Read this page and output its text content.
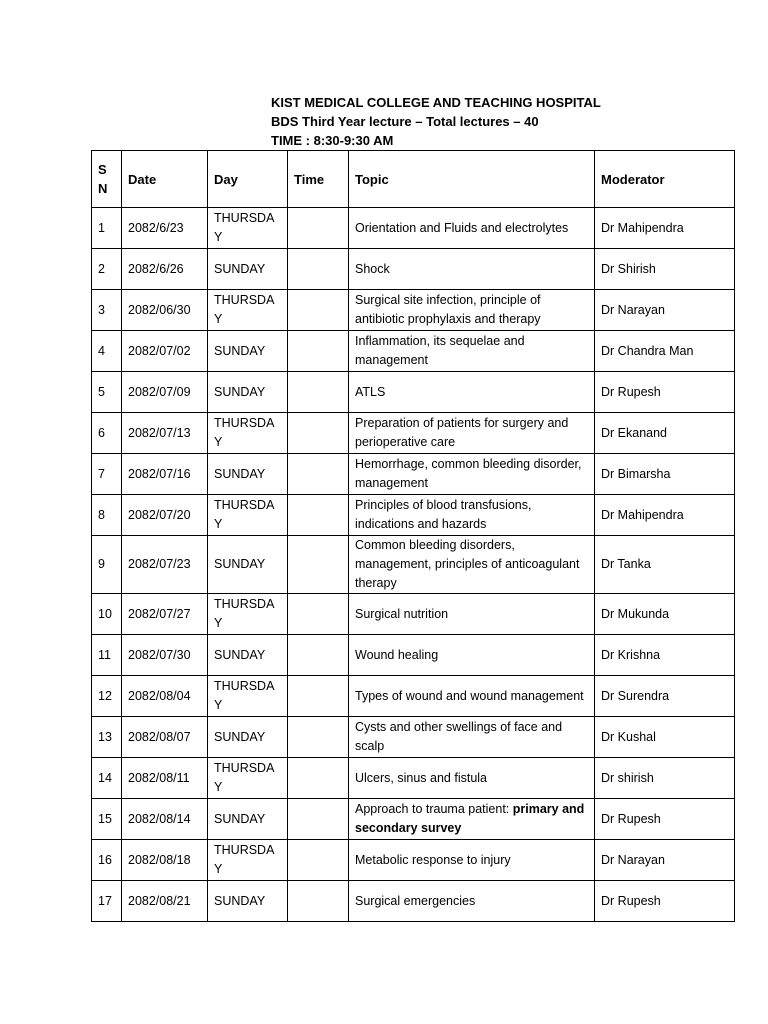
KIST MEDICAL COLLEGE AND TEACHING HOSPITAL
BDS Third Year lecture – Total lectures – 40
TIME : 8:30-9:30 AM
S N	Date	Day	Time	Topic	Moderator
1	2082/6/23	THURSDAY		Orientation and Fluids and electrolytes	Dr Mahipendra
2	2082/6/26	SUNDAY		Shock	Dr Shirish
3	2082/06/30	THURSDAY		Surgical site infection, principle of antibiotic prophylaxis and therapy	Dr Narayan
4	2082/07/02	SUNDAY		Inflammation, its sequelae and management	Dr Chandra Man
5	2082/07/09	SUNDAY		ATLS	Dr Rupesh
6	2082/07/13	THURSDAY		Preparation of patients for surgery and perioperative care	Dr Ekanand
7	2082/07/16	SUNDAY		Hemorrhage, common bleeding disorder, management	Dr Bimarsha
8	2082/07/20	THURSDAY		Principles of blood transfusions, indications and hazards	Dr Mahipendra
9	2082/07/23	SUNDAY		Common bleeding disorders, management, principles of anticoagulant therapy	Dr Tanka
10	2082/07/27	THURSDAY		Surgical nutrition	Dr Mukunda
11	2082/07/30	SUNDAY		Wound healing	Dr Krishna
12	2082/08/04	THURSDAY		Types of wound and wound management	Dr Surendra
13	2082/08/07	SUNDAY		Cysts and other swellings of face and scalp	Dr Kushal
14	2082/08/11	THURSDAY		Ulcers, sinus and fistula	Dr shirish
15	2082/08/14	SUNDAY		Approach to trauma patient: primary and secondary survey	Dr Rupesh
16	2082/08/18	THURSDAY		Metabolic response to injury	Dr Narayan
17	2082/08/21	SUNDAY		Surgical emergencies	Dr Rupesh
